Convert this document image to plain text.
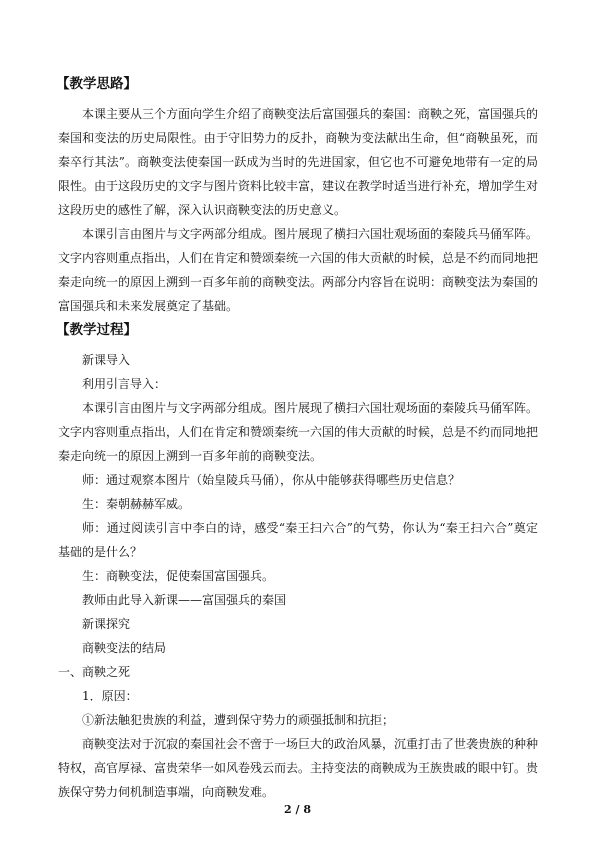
【教学思路】

本课主要从三个方面向学生介绍了商鞅变法后富国强兵的秦国：商鞅之死，富国强兵的秦国和变法的历史局限性。由于守旧势力的反扑，商鞅为变法献出生命，但“商鞅虽死，而秦卒行其法”。商鞅变法使秦国一跃成为当时的先进国家，但它也不可避免地带有一定的局限性。由于这段历史的文字与图片资料比较丰富，建议在教学时适当进行补充，增加学生对这段历史的感性了解，深入认识商鞅变法的历史意义。

本课引言由图片与文字两部分组成。图片展现了横扫六国壮观场面的秦陵兵马俑军阵。文字内容则重点指出，人们在肯定和赞颂秦统一六国的伟大贡献的时候，总是不约而同地把秦走向统一的原因上溯到一百多年前的商鞅变法。两部分内容旨在说明：商鞅变法为秦国的富国强兵和未来发展奠定了基础。

【教学过程】

新课导入

利用引言导入：

本课引言由图片与文字两部分组成。图片展现了横扫六国壮观场面的秦陵兵马俑军阵。文字内容则重点指出，人们在肯定和赞颂秦统一六国的伟大贡献的时候，总是不约而同地把秦走向统一的原因上溯到一百多年前的商鞅变法。

师：通过观察本图片（始皇陵兵马俑），你从中能够获得哪些历史信息？

生：秦朝赫赫军威。

师：通过阅读引言中李白的诗，感受“秦王扫六合”的气势，你认为“秦王扫六合”奠定基础的是什么？

生：商鞅变法，促使秦国富国强兵。

教师由此导入新课——富国强兵的秦国

新课探究

商鞅变法的结局

一、商鞅之死

1．原因：

①新法触犯贵族的利益，遭到保守势力的顽强抵制和抗拒；

商鞅变法对于沉寂的秦国社会不啻于一场巨大的政治风暴，沉重打击了世袭贵族的种种特权，高官厚禄、富贵荣华一如风卷残云而去。主持变法的商鞅成为王族贵戚的眼中钉。贵族保守势力伺机制造事端，向商鞅发难。

2 / 8
